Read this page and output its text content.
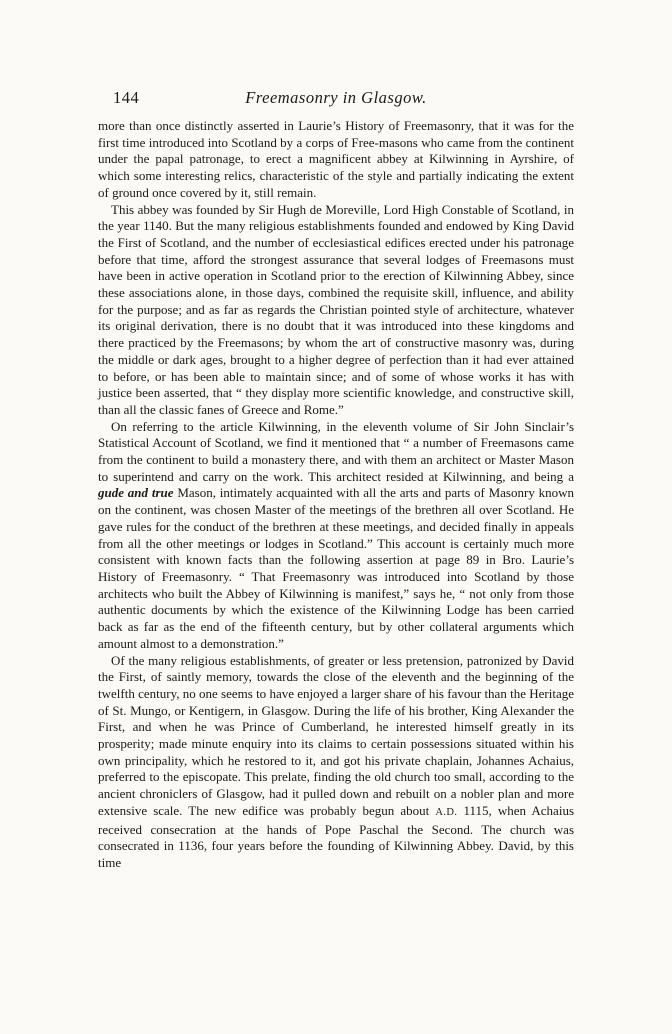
144	Freemasonry in Glasgow.

more than once distinctly asserted in Laurie’s History of Freemasonry, that it was for the first time introduced into Scotland by a corps of Free-masons who came from the continent under the papal patronage, to erect a magnificent abbey at Kilwinning in Ayrshire, of which some interesting relics, characteristic of the style and partially indicating the extent of ground once covered by it, still remain.

This abbey was founded by Sir Hugh de Moreville, Lord High Constable of Scotland, in the year 1140. But the many religious establishments founded and endowed by King David the First of Scotland, and the number of ecclesiastical edifices erected under his patronage before that time, afford the strongest assurance that several lodges of Freemasons must have been in active operation in Scotland prior to the erection of Kilwinning Abbey, since these associations alone, in those days, combined the requisite skill, influence, and ability for the purpose; and as far as regards the Christian pointed style of architecture, whatever its original derivation, there is no doubt that it was introduced into these kingdoms and there practiced by the Freemasons; by whom the art of constructive masonry was, during the middle or dark ages, brought to a higher degree of perfection than it had ever attained to before, or has been able to maintain since; and of some of whose works it has with justice been asserted, that “ they display more scientific knowledge, and constructive skill, than all the classic fanes of Greece and Rome.”

On referring to the article Kilwinning, in the eleventh volume of Sir John Sinclair’s Statistical Account of Scotland, we find it mentioned that “ a number of Freemasons came from the continent to build a monastery there, and with them an architect or Master Mason to superintend and carry on the work. This architect resided at Kilwinning, and being a gude and true Mason, intimately acquainted with all the arts and parts of Masonry known on the continent, was chosen Master of the meetings of the brethren all over Scotland. He gave rules for the conduct of the brethren at these meetings, and decided finally in appeals from all the other meetings or lodges in Scotland.” This account is certainly much more consistent with known facts than the following assertion at page 89 in Bro. Laurie’s History of Freemasonry. “ That Freemasonry was introduced into Scotland by those architects who built the Abbey of Kilwinning is manifest,” says he, “ not only from those authentic documents by which the existence of the Kilwinning Lodge has been carried back as far as the end of the fifteenth century, but by other collateral arguments which amount almost to a demonstration.”

Of the many religious establishments, of greater or less pretension, patronized by David the First, of saintly memory, towards the close of the eleventh and the beginning of the twelfth century, no one seems to have enjoyed a larger share of his favour than the Heritage of St. Mungo, or Kentigern, in Glasgow. During the life of his brother, King Alexander the First, and when he was Prince of Cumberland, he interested himself greatly in its prosperity; made minute enquiry into its claims to certain possessions situated within his own principality, which he restored to it, and got his private chaplain, Johannes Achaius, preferred to the episcopate. This prelate, finding the old church too small, according to the ancient chroniclers of Glasgow, had it pulled down and rebuilt on a nobler plan and more extensive scale. The new edifice was probably begun about A.D. 1115, when Achaius received consecration at the hands of Pope Paschal the Second. The church was consecrated in 1136, four years before the founding of Kilwinning Abbey. David, by this time
